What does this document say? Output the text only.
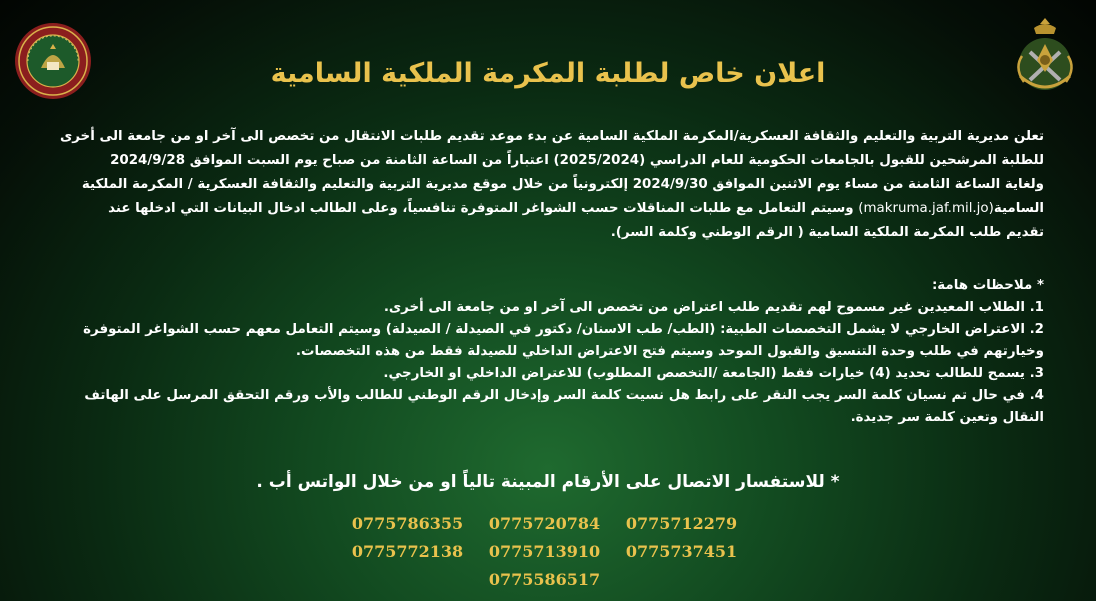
اعلان خاص لطلبة المكرمة الملكية السامية
تعلن مديرية التربية والتعليم والثقافة العسكرية/المكرمة الملكية السامية عن بدء موعد تقديم طلبات الانتقال من تخصص الى آخر او من جامعة الى أخرى
للطلبة المرشحين للقبول بالجامعات الحكومية للعام الدراسي (2025/2024) اعتباراً من الساعة الثامنة من صباح يوم السبت الموافق 2024/9/28
ولغاية الساعة الثامنة من مساء يوم الاثنين الموافق 2024/9/30 إلكترونياً من خلال موقع مديرية التربية والتعليم والثقافة العسكرية / المكرمة الملكية
السامية(makruma.jaf.mil.jo) وسيتم التعامل مع طلبات المناقلات حسب الشواغر المتوفرة تنافسياً، وعلى الطالب ادخال البيانات التي ادخلها عند
تقديم طلب المكرمة الملكية السامية ( الرقم الوطني وكلمة السر).
* ملاحظات هامة:
1. الطلاب المعيدين غير مسموح لهم تقديم طلب اعتراض من تخصص الى آخر او من جامعة الى أخرى.
2. الاعتراض الخارجي لا يشمل التخصصات الطبية: (الطب/ طب الاسنان/ دكتور في الصيدلة / الصيدلة) وسيتم التعامل معهم حسب الشواغر المتوفرة
وخيارتهم في طلب وحدة التنسيق والقبول الموحد وسيتم فتح الاعتراض الداخلي للصيدلة فقط من هذه التخصصات.
3. يسمح للطالب تحديد (4) خيارات فقط (الجامعة /التخصص المطلوب) للاعتراض الداخلي او الخارجي.
4. في حال تم نسيان كلمة السر يجب النقر على رابط هل نسيت كلمة السر وإدخال الرقم الوطني للطالب والأب ورقم التحقق المرسل على الهاتف
النقال وتعين كلمة سر جديدة.
* للاستفسار الاتصال على الأرقام المبينة تالياً او من خلال الواتس أب .
0775712279
0775720784
0775786355
0775737451
0775713910
0775772138
0775586517
